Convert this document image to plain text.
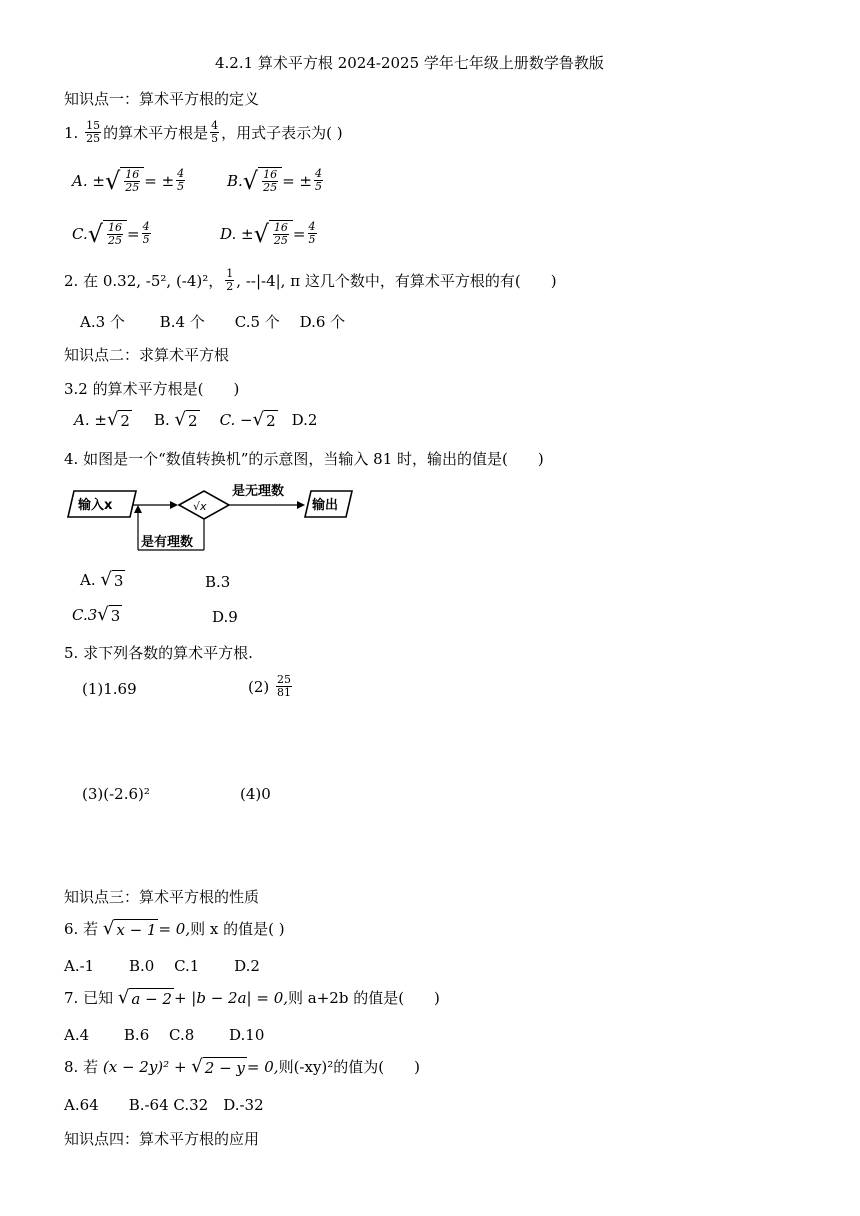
4.2.1 算术平方根 2024-2025 学年七年级上册数学鲁教版
知识点一：算术平方根的定义
1.
$\frac{15}{25}$ 的算术平方根是 $\frac{4}{5}$ ，用式子表示为( )
A.
± √ $\frac{16}{25}$ = ± $\frac{4}{5}$	B. √ $\frac{16}{25}$ = ± $\frac{4}{5}$
C. √ $\frac{16}{25} = \frac{4}{5}$	D.
± √ $\frac{16}{25} = \frac{4}{5}$
2. 在 0.32, -5², (-4)²， $\frac{1}{2}$ , --|-4|, π 这几个数中，有算术平方根的有(　　)
A.3 个　　 B.4 个　　C.5 个　 D.6 个
知识点二：求算术平方根
3.2 的算术平方根是(　　)
A. ± √ 2 B.
√ 2 C. − √ 2 D.2
4. 如图是一个“数值转换机”的示意图，当输入 81 时，输出的值是(　　)
输入x	√x
是无理数
输出
是有理数
A.
√ 3	B.3
C.3 √ 3	D.9
5. 求下列各数的算术平方根.
(1)1.69	(2)
$\frac{25}{81}$
(3)(-2.6)²	(4)0
知识点三：算术平方根的性质
6. 若
√ x − 1 = 0, 则 x 的值是( )
A.-1　　 B.0　 C.1　　 D.2
7. 已知
√ a − 2 + |b − 2a| = 0, 则 a+2b 的值是(　　)
A.4　　 B.6　 C.8　　 D.10
8. 若
(x − 2y)² +
√ 2 − y = 0, 则(-xy)²的值为(　　)
A.64　　B.-64 C.32　D.-32
知识点四：算术平方根的应用
